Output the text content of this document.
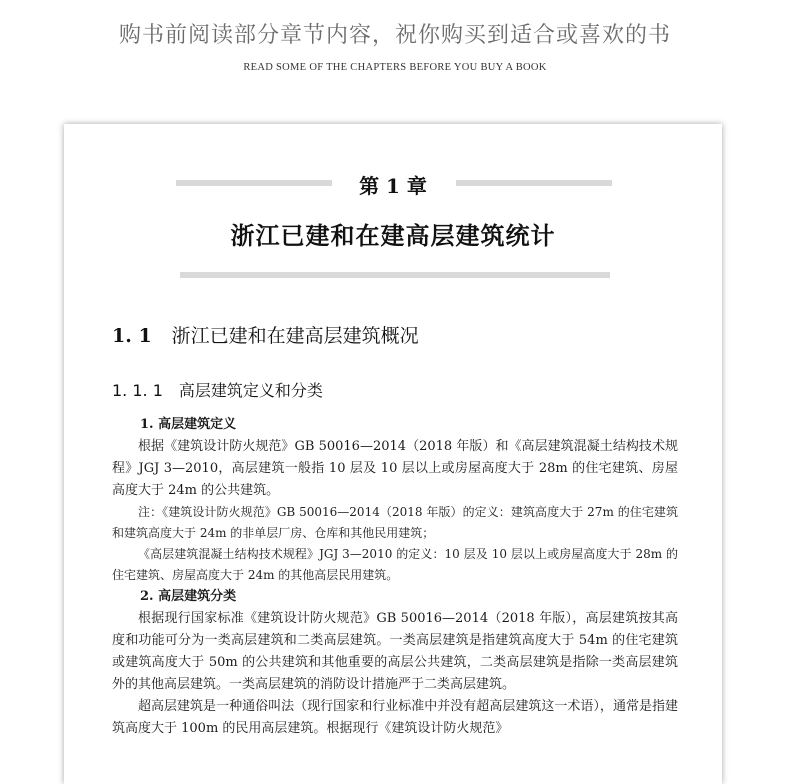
购书前阅读部分章节内容，祝你购买到适合或喜欢的书
READ SOME OF THE CHAPTERS BEFORE YOU BUY A BOOK
第 1 章
浙江已建和在建高层建筑统计
1. 1 浙江已建和在建高层建筑概况
1. 1. 1 高层建筑定义和分类
1. 高层建筑定义
根据《建筑设计防火规范》GB 50016—2014（2018 年版）和《高层建筑混凝土结构技术规程》JGJ 3—2010，高层建筑一般指 10 层及 10 层以上或房屋高度大于 28m 的住宅建筑、房屋高度大于 24m 的公共建筑。
注：《建筑设计防火规范》GB 50016—2014（2018 年版）的定义：建筑高度大于 27m 的住宅建筑和建筑高度大于 24m 的非单层厂房、仓库和其他民用建筑；
《高层建筑混凝土结构技术规程》JGJ 3—2010 的定义：10 层及 10 层以上或房屋高度大于 28m 的住宅建筑、房屋高度大于 24m 的其他高层民用建筑。
2. 高层建筑分类
根据现行国家标准《建筑设计防火规范》GB 50016—2014（2018 年版），高层建筑按其高度和功能可分为一类高层建筑和二类高层建筑。一类高层建筑是指建筑高度大于 54m 的住宅建筑或建筑高度大于 50m 的公共建筑和其他重要的高层公共建筑，二类高层建筑是指除一类高层建筑外的其他高层建筑。一类高层建筑的消防设计措施严于二类高层建筑。
超高层建筑是一种通俗叫法（现行国家和行业标准中并没有超高层建筑这一术语），通常是指建筑高度大于 100m 的民用高层建筑。根据现行《建筑设计防火规范》
